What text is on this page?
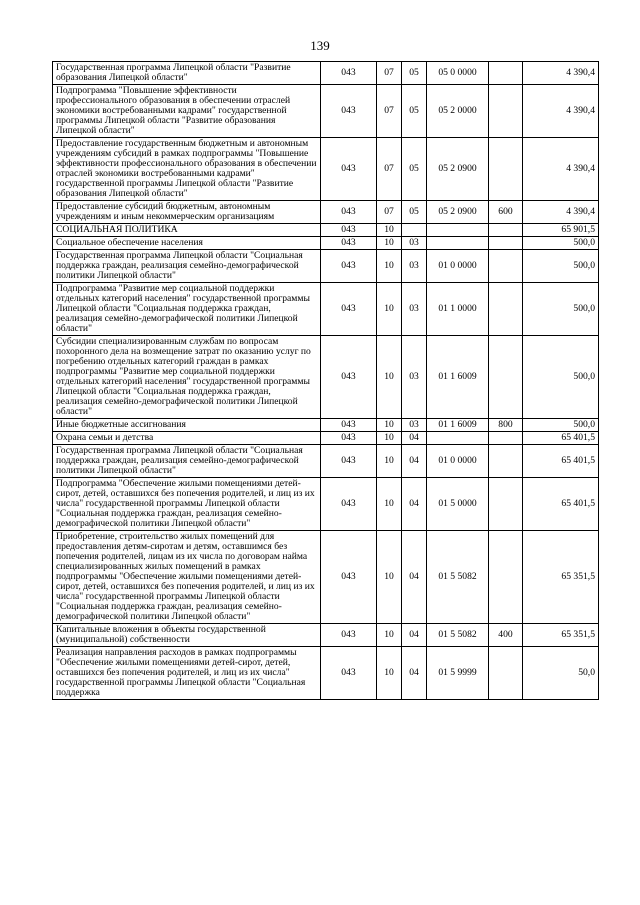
139
Государственная программа Липецкой области "Развитие образования Липецкой области"	043	07	05	05 0 0000		4 390,4
Подпрограмма "Повышение эффективности профессионального образования в обеспечении отраслей экономики востребованными кадрами" государственной программы Липецкой области "Развитие образования Липецкой области"	043	07	05	05 2 0000		4 390,4
Предоставление государственным бюджетным и автономным учреждениям субсидий в рамках подпрограммы "Повышение эффективности профессионального образования в обеспечении отраслей экономики востребованными кадрами" государственной программы Липецкой области "Развитие образования Липецкой области"	043	07	05	05 2 0900		4 390,4
Предоставление субсидий бюджетным, автономным учреждениям и иным некоммерческим организациям	043	07	05	05 2 0900	600	4 390,4
СОЦИАЛЬНАЯ ПОЛИТИКА	043	10				65 901,5
Социальное обеспечение населения	043	10	03			500,0
Государственная программа Липецкой области "Социальная поддержка граждан, реализация семейно-демографической политики Липецкой области"	043	10	03	01 0 0000		500,0
Подпрограмма "Развитие мер социальной поддержки отдельных категорий населения" государственной программы Липецкой области "Социальная поддержка граждан, реализация семейно-демографической политики Липецкой области"	043	10	03	01 1 0000		500,0
Субсидии специализированным службам по вопросам похоронного дела на возмещение затрат по оказанию услуг по погребению отдельных категорий граждан в рамках подпрограммы "Развитие мер социальной поддержки отдельных категорий населения" государственной программы Липецкой области "Социальная поддержка граждан, реализация семейно-демографической политики Липецкой области"	043	10	03	01 1 6009		500,0
Иные бюджетные ассигнования	043	10	03	01 1 6009	800	500,0
Охрана семьи и детства	043	10	04			65 401,5
Государственная программа Липецкой области "Социальная поддержка граждан, реализация семейно-демографической политики Липецкой области"	043	10	04	01 0 0000		65 401,5
Подпрограмма "Обеспечение жилыми помещениями детей-сирот, детей, оставшихся без попечения родителей, и лиц из их числа" государственной программы Липецкой области "Социальная поддержка граждан, реализация семейно-демографической политики Липецкой области"	043	10	04	01 5 0000		65 401,5
Приобретение, строительство жилых помещений для предоставления детям-сиротам и детям, оставшимся без попечения родителей, лицам из их числа по договорам найма специализированных жилых помещений в рамках подпрограммы "Обеспечение жилыми помещениями детей-сирот, детей, оставшихся без попечения родителей, и лиц из их числа" государственной программы Липецкой области "Социальная поддержка граждан, реализация семейно-демографической политики Липецкой области"	043	10	04	01 5 5082		65 351,5
Капитальные вложения в объекты государственной (муниципальной) собственности	043	10	04	01 5 5082	400	65 351,5
Реализация направления расходов в рамках подпрограммы "Обеспечение жилыми помещениями детей-сирот, детей, оставшихся без попечения родителей, и лиц из их числа" государственной программы Липецкой области "Социальная поддержка	043	10	04	01 5 9999		50,0
